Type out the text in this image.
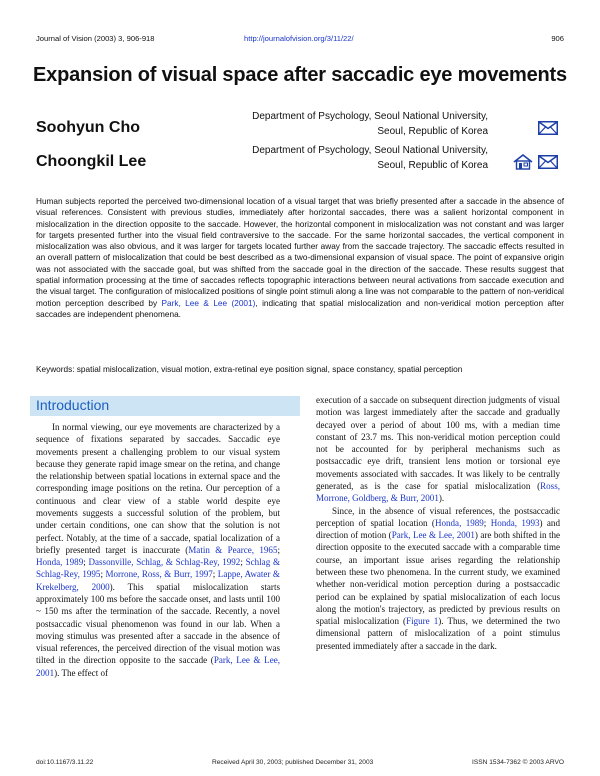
Journal of Vision (2003) 3, 906-918	http://journalofvision.org/3/11/22/	906
Expansion of visual space after saccadic eye movements
Soohyun Cho
Department of Psychology, Seoul National University,
Seoul, Republic of Korea
Choongkil Lee
Department of Psychology, Seoul National University,
Seoul, Republic of Korea
Human subjects reported the perceived two-dimensional location of a visual target that was briefly presented after a saccade in the absence of visual references. Consistent with previous studies, immediately after horizontal saccades, there was a salient horizontal component in mislocalization in the direction opposite to the saccade. However, the horizontal component in mislocalization was not constant and was larger for targets presented further into the visual field contraversive to the saccade. For the same horizontal saccades, the vertical component in mislocalization was also obvious, and it was larger for targets located further away from the saccade trajectory. The saccadic effects resulted in an overall pattern of mislocalization that could be best described as a two-dimensional expansion of visual space. The point of expansive origin was not associated with the saccade goal, but was shifted from the saccade goal in the direction of the saccade. These results suggest that spatial information processing at the time of saccades reflects topographic interactions between neural activations from saccade execution and the visual target. The configuration of mislocalized positions of single point stimuli along a line was not comparable to the pattern of non-veridical motion perception described by Park, Lee & Lee (2001), indicating that spatial mislocalization and non-veridical motion perception after saccades are independent phenomena.
Keywords: spatial mislocalization, visual motion, extra-retinal eye position signal, space constancy, spatial perception
Introduction

In normal viewing, our eye movements are characterized by a sequence of fixations separated by saccades. Saccadic eye movements present a challenging problem to our visual system because they generate rapid image smear on the retina, and change the relationship between spatial locations in external space and the corresponding image positions on the retina. Our perception of a continuous and clear view of a stable world despite eye movements suggests a successful solution of the problem, but under certain conditions, one can show that the solution is not perfect. Notably, at the time of a saccade, spatial localization of a briefly presented target is inaccurate (Matin & Pearce, 1965; Honda, 1989; Dassonville, Schlag, & Schlag-Rey, 1992; Schlag & Schlag-Rey, 1995; Morrone, Ross, & Burr, 1997; Lappe, Awater & Krekelberg, 2000). This spatial mislocalization starts approximately 100 ms before the saccade onset, and lasts until 100 ~ 150 ms after the termination of the saccade. Recently, a novel postsaccadic visual phenomenon was found in our lab. When a moving stimulus was presented after a saccade in the absence of visual references, the perceived direction of the visual motion was tilted in the direction opposite to the saccade (Park, Lee & Lee, 2001). The effect of

execution of a saccade on subsequent direction judgments of visual motion was largest immediately after the saccade and gradually decayed over a period of about 100 ms, with a median time constant of 23.7 ms. This non-veridical motion perception could not be accounted for by peripheral mechanisms such as postsaccadic eye drift, transient lens motion or torsional eye movements associated with saccades. It was likely to be centrally generated, as is the case for spatial mislocalization (Ross, Morrone, Goldberg, & Burr, 2001).

Since, in the absence of visual references, the postsaccadic perception of spatial location (Honda, 1989; Honda, 1993) and direction of motion (Park, Lee & Lee, 2001) are both shifted in the direction opposite to the executed saccade with a comparable time course, an important issue arises regarding the relationship between these two phenomena. In the current study, we examined whether non-veridical motion perception during a postsaccadic period can be explained by spatial mislocalization of each locus along the motion's trajectory, as predicted by previous results on spatial mislocalization (Figure 1). Thus, we determined the two dimensional pattern of mislocalization of a point stimulus presented immediately after a saccade in the dark.

doi:10.1167/3.11.22	Received April 30, 2003; published December 31, 2003	ISSN 1534-7362 © 2003 ARVO
